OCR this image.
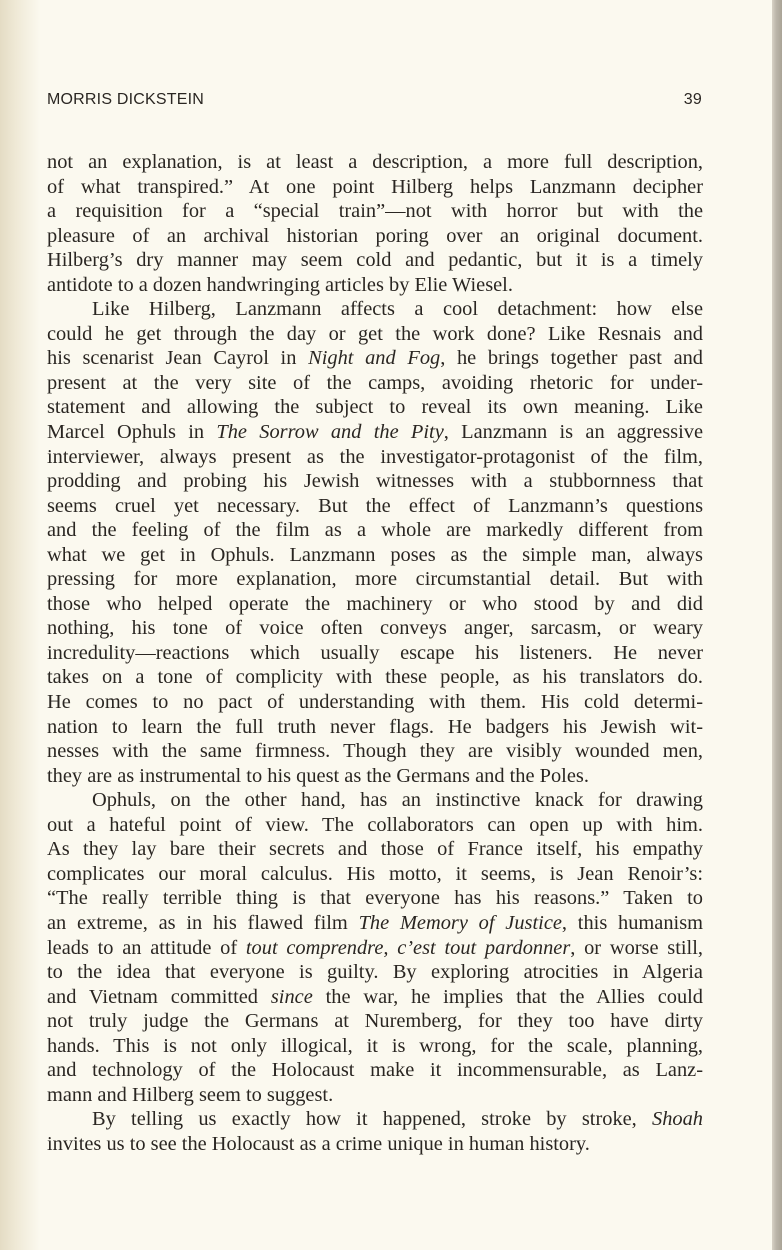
MORRIS DICKSTEIN	39

not an explanation, is at least a description, a more full description,
of what transpired.” At one point Hilberg helps Lanzmann decipher
a requisition for a “special train”—not with horror but with the
pleasure of an archival historian poring over an original document.
Hilberg’s dry manner may seem cold and pedantic, but it is a timely
antidote to a dozen handwringing articles by Elie Wiesel.

Like Hilberg, Lanzmann affects a cool detachment: how else
could he get through the day or get the work done? Like Resnais and
his scenarist Jean Cayrol in Night and Fog, he brings together past and
present at the very site of the camps, avoiding rhetoric for under-
statement and allowing the subject to reveal its own meaning. Like
Marcel Ophuls in The Sorrow and the Pity, Lanzmann is an aggressive
interviewer, always present as the investigator-protagonist of the film,
prodding and probing his Jewish witnesses with a stubbornness that
seems cruel yet necessary. But the effect of Lanzmann’s questions
and the feeling of the film as a whole are markedly different from
what we get in Ophuls. Lanzmann poses as the simple man, always
pressing for more explanation, more circumstantial detail. But with
those who helped operate the machinery or who stood by and did
nothing, his tone of voice often conveys anger, sarcasm, or weary
incredulity—reactions which usually escape his listeners. He never
takes on a tone of complicity with these people, as his translators do.
He comes to no pact of understanding with them. His cold determi-
nation to learn the full truth never flags. He badgers his Jewish wit-
nesses with the same firmness. Though they are visibly wounded men,
they are as instrumental to his quest as the Germans and the Poles.

Ophuls, on the other hand, has an instinctive knack for drawing
out a hateful point of view. The collaborators can open up with him.
As they lay bare their secrets and those of France itself, his empathy
complicates our moral calculus. His motto, it seems, is Jean Renoir’s:
“The really terrible thing is that everyone has his reasons.” Taken to
an extreme, as in his flawed film The Memory of Justice, this humanism
leads to an attitude of tout comprendre, c’est tout pardonner, or worse still,
to the idea that everyone is guilty. By exploring atrocities in Algeria
and Vietnam committed since the war, he implies that the Allies could
not truly judge the Germans at Nuremberg, for they too have dirty
hands. This is not only illogical, it is wrong, for the scale, planning,
and technology of the Holocaust make it incommensurable, as Lanz-
mann and Hilberg seem to suggest.

By telling us exactly how it happened, stroke by stroke, Shoah
invites us to see the Holocaust as a crime unique in human history.
